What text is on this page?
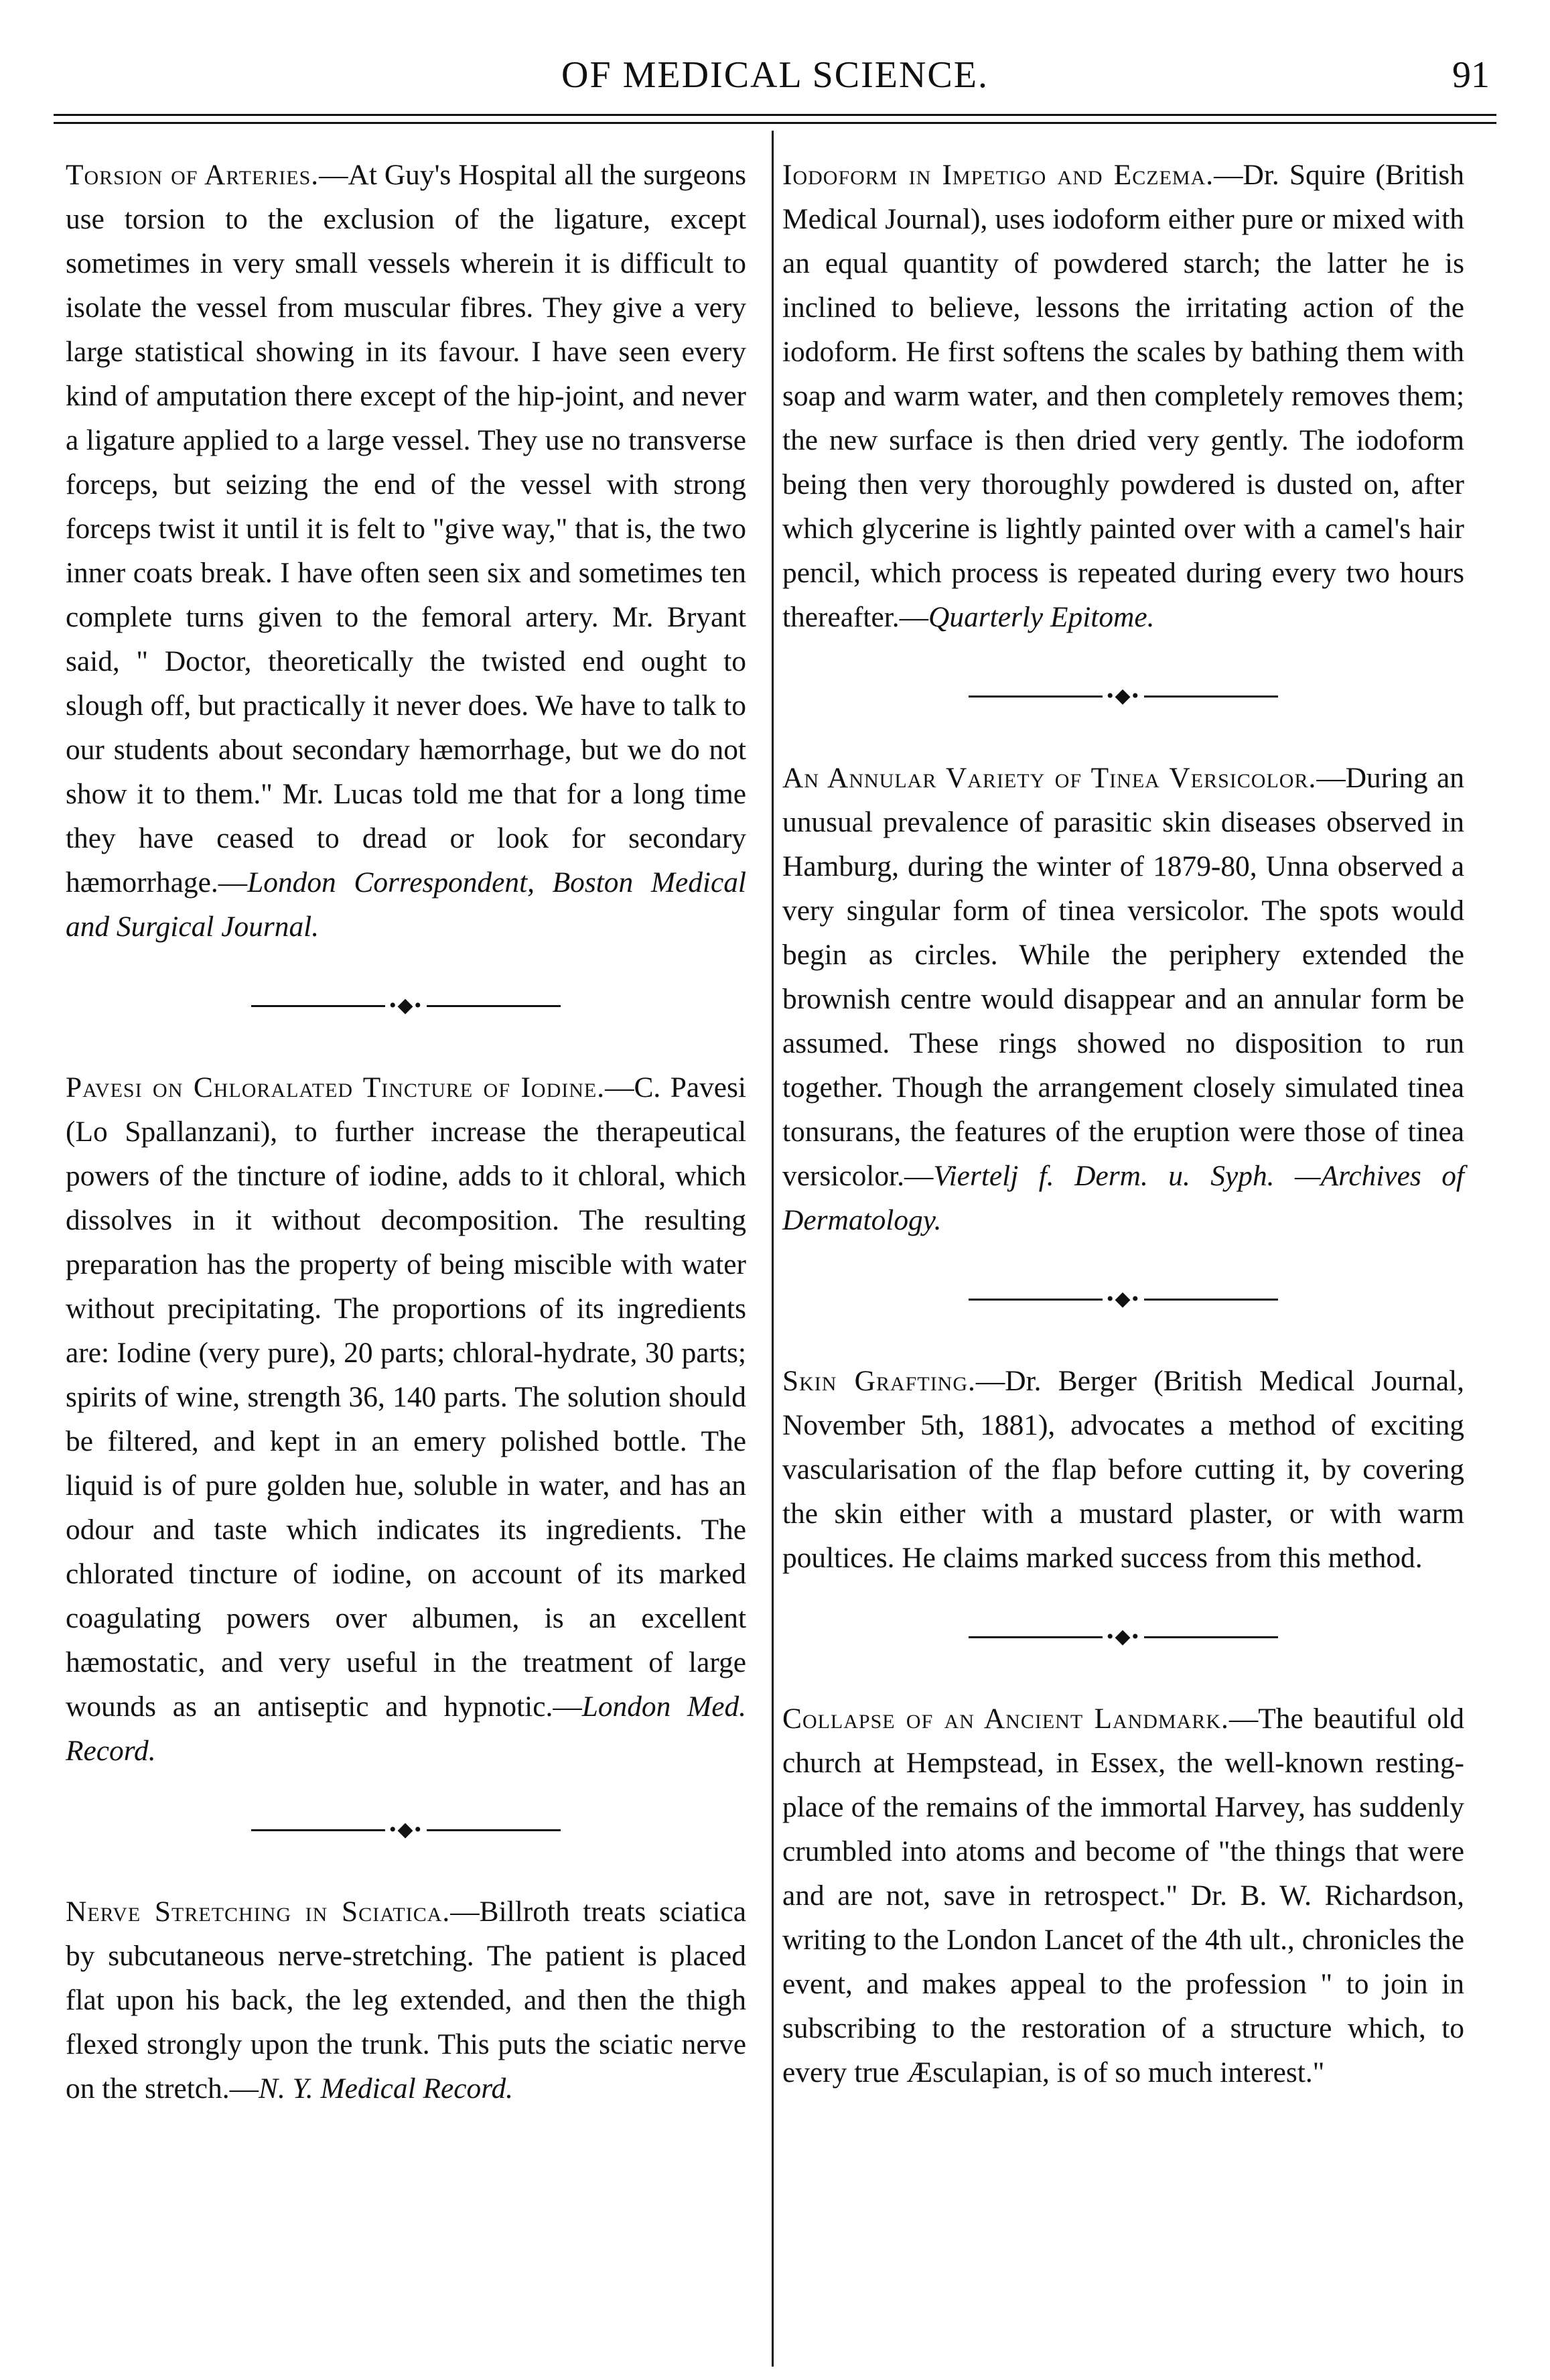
OF MEDICAL SCIENCE.	91

Torsion of Arteries.—At Guy's Hospital all the surgeons use torsion to the exclusion of the ligature, except sometimes in very small vessels wherein it is difficult to isolate the vessel from muscular fibres. They give a very large statistical showing in its favour. I have seen every kind of amputation there except of the hip-joint, and never a ligature applied to a large vessel. They use no transverse forceps, but seizing the end of the vessel with strong forceps twist it until it is felt to "give way," that is, the two inner coats break. I have often seen six and sometimes ten complete turns given to the femoral artery. Mr. Bryant said, " Doctor, theoretically the twisted end ought to slough off, but practically it never does. We have to talk to our students about secondary hæmorrhage, but we do not show it to them." Mr. Lucas told me that for a long time they have ceased to dread or look for secondary hæmorrhage.—London Correspondent, Boston Medical and Surgical Journal.

•◆•

Pavesi on Chloralated Tincture of Iodine.—C. Pavesi (Lo Spallanzani), to further increase the therapeutical powers of the tincture of iodine, adds to it chloral, which dissolves in it without decomposition. The resulting preparation has the property of being miscible with water without precipitating. The proportions of its ingredients are: Iodine (very pure), 20 parts; chloral-hydrate, 30 parts; spirits of wine, strength 36, 140 parts. The solution should be filtered, and kept in an emery polished bottle. The liquid is of pure golden hue, soluble in water, and has an odour and taste which indicates its ingredients. The chlorated tincture of iodine, on account of its marked coagulating powers over albumen, is an excellent hæmostatic, and very useful in the treatment of large wounds as an antiseptic and hypnotic.—London Med. Record.

•◆•

Nerve Stretching in Sciatica.—Billroth treats sciatica by subcutaneous nerve-stretching. The patient is placed flat upon his back, the leg extended, and then the thigh flexed strongly upon the trunk. This puts the sciatic nerve on the stretch.—N. Y. Medical Record.

Iodoform in Impetigo and Eczema.—Dr. Squire (British Medical Journal), uses iodoform either pure or mixed with an equal quantity of powdered starch; the latter he is inclined to believe, lessons the irritating action of the iodoform. He first softens the scales by bathing them with soap and warm water, and then completely removes them; the new surface is then dried very gently. The iodoform being then very thoroughly powdered is dusted on, after which glycerine is lightly painted over with a camel's hair pencil, which process is repeated during every two hours thereafter.—Quarterly Epitome.

•◆•

An Annular Variety of Tinea Versicolor.—During an unusual prevalence of parasitic skin diseases observed in Hamburg, during the winter of 1879-80, Unna observed a very singular form of tinea versicolor. The spots would begin as circles. While the periphery extended the brownish centre would disappear and an annular form be assumed. These rings showed no disposition to run together. Though the arrangement closely simulated tinea tonsurans, the features of the eruption were those of tinea versicolor.—Viertelj f. Derm. u. Syph. —Archives of Dermatology.

•◆•

Skin Grafting.—Dr. Berger (British Medical Journal, November 5th, 1881), advocates a method of exciting vascularisation of the flap before cutting it, by covering the skin either with a mustard plaster, or with warm poultices. He claims marked success from this method.

•◆•

Collapse of an Ancient Landmark.—The beautiful old church at Hempstead, in Essex, the well-known resting-place of the remains of the immortal Harvey, has suddenly crumbled into atoms and become of "the things that were and are not, save in retrospect." Dr. B. W. Richardson, writing to the London Lancet of the 4th ult., chronicles the event, and makes appeal to the profession " to join in subscribing to the restoration of a structure which, to every true Æsculapian, is of so much interest."
